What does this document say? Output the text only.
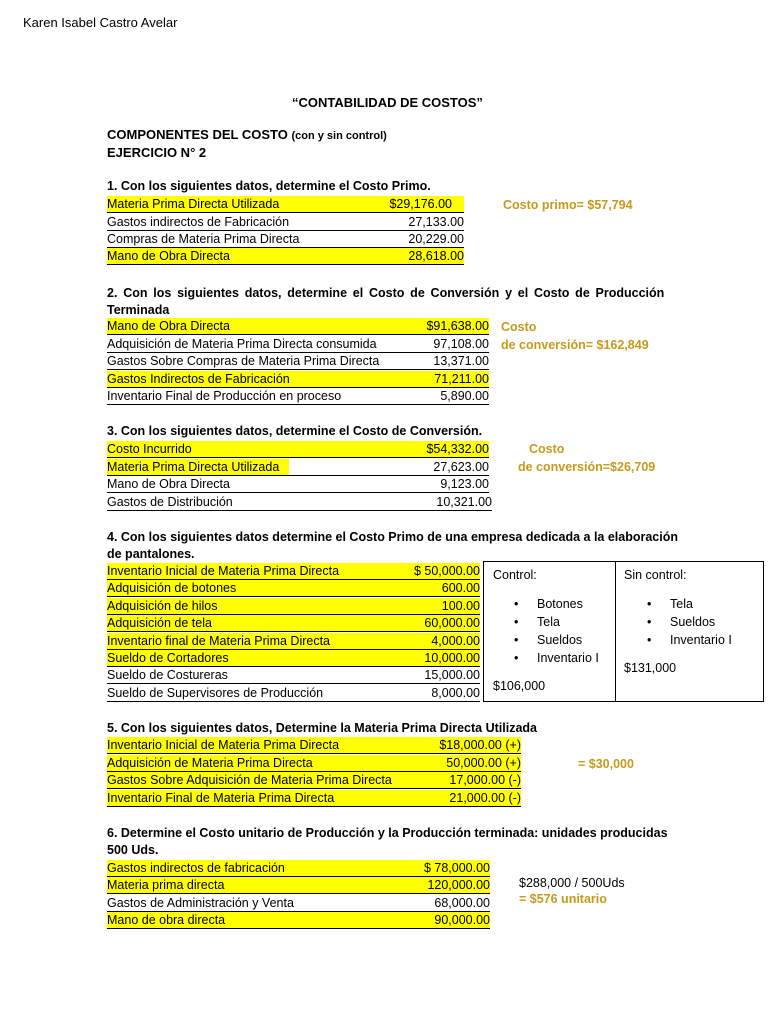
Karen Isabel Castro Avelar
“CONTABILIDAD DE COSTOS”
COMPONENTES DEL COSTO (con y sin control)
EJERCICIO N° 2
1. Con los siguientes datos, determine el Costo Primo.
Materia Prima Directa Utilizada	$29,176.00
Gastos indirectos de Fabricación	27,133.00
Compras de Materia Prima Directa	20,229.00
Mano de Obra Directa	28,618.00
Costo primo= $57,794
2. Con los siguientes datos, determine el Costo de Conversión y el Costo de Producción
Terminada
Mano de Obra Directa	$91,638.00
Adquisición de Materia Prima Directa consumida	97,108.00
Gastos Sobre Compras de Materia Prima Directa	13,371.00
Gastos Indirectos de Fabricación	71,211.00
Inventario Final de Producción en proceso	5,890.00
Costo
de conversión= $162,849
3. Con los siguientes datos, determine el Costo de Conversión.
Costo Incurrido	$54,332.00
Materia Prima Directa Utilizada	27,623.00
Mano de Obra Directa	9,123.00
Gastos de Distribución	10,321.00
Costo
de conversión=$26,709
4. Con los siguientes datos determine el Costo Primo de una empresa dedicada a la elaboración
de pantalones.
Inventario Inicial de Materia Prima Directa	$ 50,000.00
Adquisición de botones	600.00
Adquisición de hilos	100.00
Adquisición de tela	60,000.00
Inventario final de Materia Prima Directa	4,000.00
Sueldo de Cortadores	10,000.00
Sueldo de Costureras	15,000.00
Sueldo de Supervisores de Producción	8,000.00
Control:
• Botones
• Tela
• Sueldos
• Inventario I
$106,000
Sin control:
• Tela
• Sueldos
• Inventario I
$131,000
5. Con los siguientes datos, Determine la Materia Prima Directa Utilizada
Inventario Inicial de Materia Prima Directa	$18,000.00 (+)
Adquisición de Materia Prima Directa	50,000.00 (+)
Gastos Sobre Adquisición de Materia Prima Directa	17,000.00 (-)
Inventario Final de Materia Prima Directa	21,000.00 (-)
= $30,000
6. Determine el Costo unitario de Producción y la Producción terminada: unidades producidas
500 Uds.
Gastos indirectos de fabricación	$ 78,000.00
Materia prima directa	120,000.00
Gastos de Administración y Venta	68,000.00
Mano de obra directa	90,000.00
$288,000 / 500Uds
= $576 unitario
